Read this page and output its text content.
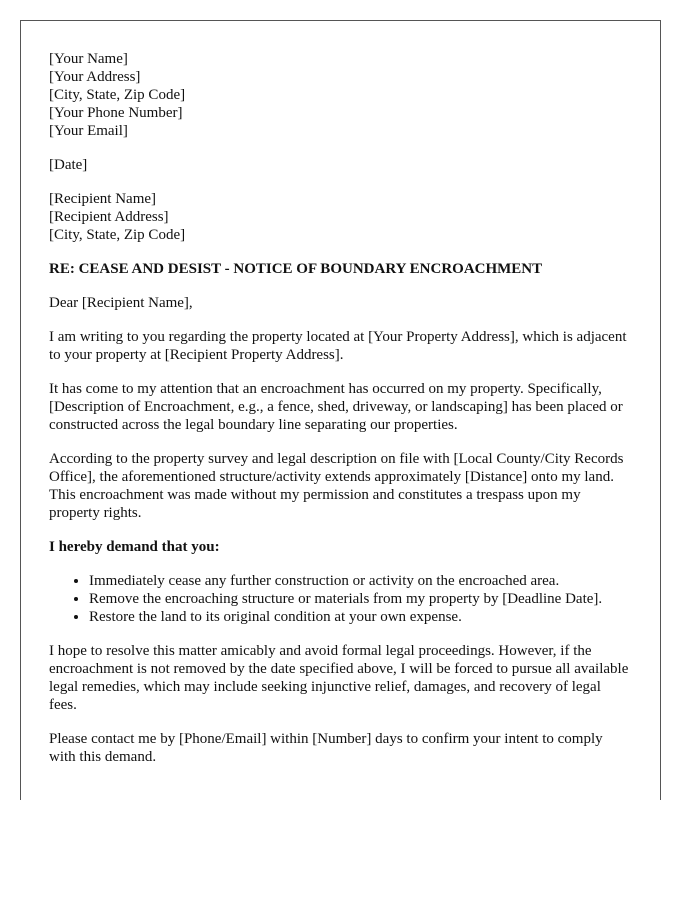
[Your Name]
[Your Address]
[City, State, Zip Code]
[Your Phone Number]
[Your Email]
[Date]
[Recipient Name]
[Recipient Address]
[City, State, Zip Code]
RE: CEASE AND DESIST - NOTICE OF BOUNDARY ENCROACHMENT

Dear [Recipient Name],

I am writing to you regarding the property located at [Your Property Address], which is adjacent to your property at [Recipient Property Address].

It has come to my attention that an encroachment has occurred on my property. Specifically, [Description of Encroachment, e.g., a fence, shed, driveway, or landscaping] has been placed or constructed across the legal boundary line separating our properties.

According to the property survey and legal description on file with [Local County/City Records Office], the aforementioned structure/activity extends approximately [Distance] onto my land. This encroachment was made without my permission and constitutes a trespass upon my property rights.

I hereby demand that you:
• Immediately cease any further construction or activity on the encroached area.
• Remove the encroaching structure or materials from my property by [Deadline Date].
• Restore the land to its original condition at your own expense.

I hope to resolve this matter amicably and avoid formal legal proceedings. However, if the encroachment is not removed by the date specified above, I will be forced to pursue all available legal remedies, which may include seeking injunctive relief, damages, and recovery of legal fees.

Please contact me by [Phone/Email] within [Number] days to confirm your intent to comply with this demand.
